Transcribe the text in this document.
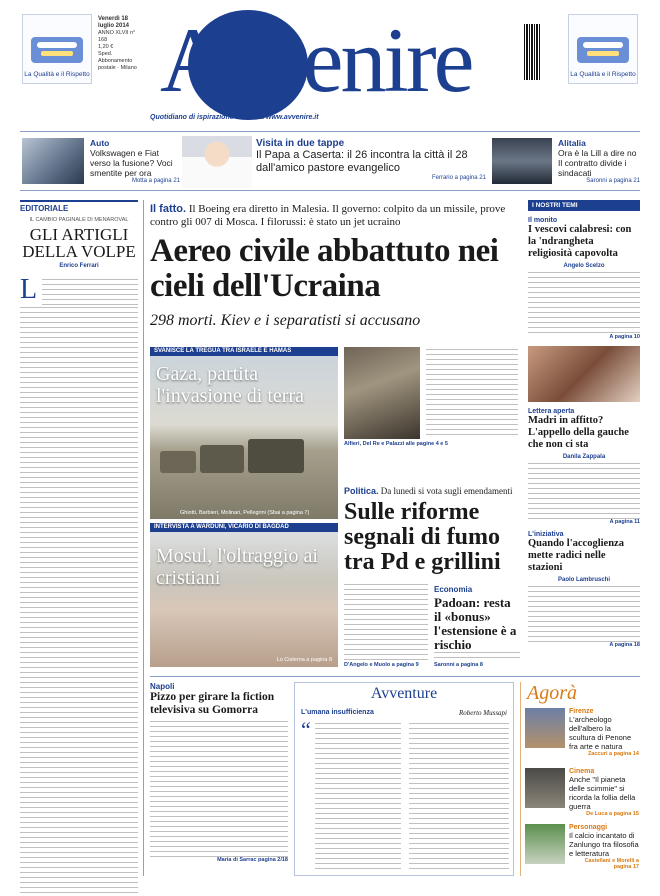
La Qualità e il Rispetto	La Qualità e il Rispetto
Venerdì 18 luglio 2014
ANNO XLVII n° 168
1,20 €
Sped. Abbonamento postale · Milano Avvenire
Quotidiano di ispirazione cattolica www.avvenire.it
Auto
Volkswagen e Fiat verso la fusione? Voci smentite per ora
Motta a pagina 21
Visita in due tappe
Il Papa a Caserta: il 26 incontra la città il 28 dall'amico pastore evangelico
Ferrario a pagina 21
Alitalia
Ora è la Lill a dire no Il contratto divide i sindacati
Saronni a pagina 21
EDITORIALE
IL CAMBIO PAGINALE DI MENAROVAL
GLI ARTIGLI DELLA VOLPE
Enrico Ferrari
L
Il fatto. Il Boeing era diretto in Malesia. Il governo: colpito da un missile, prove contro gli 007 di Mosca. I filorussi: è stato un jet ucraino
Aereo civile abbattuto nei cieli dell'Ucraina
298 morti. Kiev e i separatisti si accusano
SVANISCE LA TREGUA TRA ISRAELE E HAMAS
Gaza, partita l'invasione di terra
Ghiotti, Barbieri, Molinari, Pellegrini (Sbai a pagina 7)
Alfieri, Del Re e Palazzi alle pagine 4 e 5
INTERVISTA A WARDUNI, VICARIO DI BAGDAD
Mosul, l'oltraggio ai cristiani
Lo Cisterna a pagina 8
Politica. Da lunedì si vota sugli emendamenti
Sulle riforme segnali di fumo tra Pd e grillini
D'Angelo e Muolo a pagina 9
Economia
Padoan: resta il «bonus» l'estensione è a rischio
Saronni a pagina 8
I NOSTRI TEMI
Il monito
I vescovi calabresi: con la 'ndrangheta religiosità capovolta
Angelo Scelzo
A pagina 10
Lettera aperta
Madri in affitto? L'appello della gauche che non ci sta
Danila Zappala
A pagina 11
L'iniziativa
Quando l'accoglienza mette radici nelle stazioni
Paolo Lambruschi
A pagina 18
Napoli
Pizzo per girare la fiction televisiva su Gomorra
Maria di Sarrac pagina 2/18
Avventure
L'umana insufficienza	Roberto Mussapi
“
Agorà
Firenze
L'archeologo dell'albero la scultura di Penone fra arte e natura
Zaccuri a pagina 14
Cinema
Anche "Il pianeta delle scimmie" si ricorda la follia della guerra
De Luca a pagina 15
Personaggi
Il calcio incantato di Zanlungo tra filosofia e letteratura
Castellani e Morelli a pagina 17
